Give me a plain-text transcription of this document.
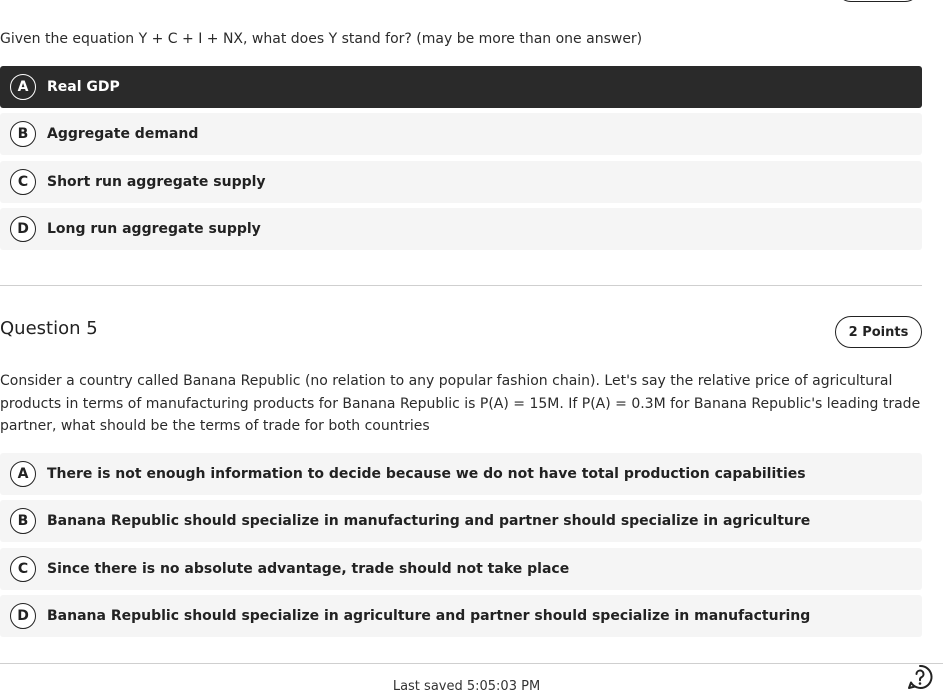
Given the equation Y + C + I + NX, what does Y stand for? (may be more than one answer)
A	Real GDP
B	Aggregate demand
C	Short run aggregate supply
D	Long run aggregate supply
Question 5	2 Points
Consider a country called Banana Republic (no relation to any popular fashion chain). Let's say the relative price of agricultural products in terms of manufacturing products for Banana Republic is P(A) = 15M. If P(A) = 0.3M for Banana Republic's leading trade partner, what should be the terms of trade for both countries
A	There is not enough information to decide because we do not have total production capabilities
B	Banana Republic should specialize in manufacturing and partner should specialize in agriculture
C	Since there is no absolute advantage, trade should not take place
D	Banana Republic should specialize in agriculture and partner should specialize in manufacturing
Last saved 5:05:03 PM
